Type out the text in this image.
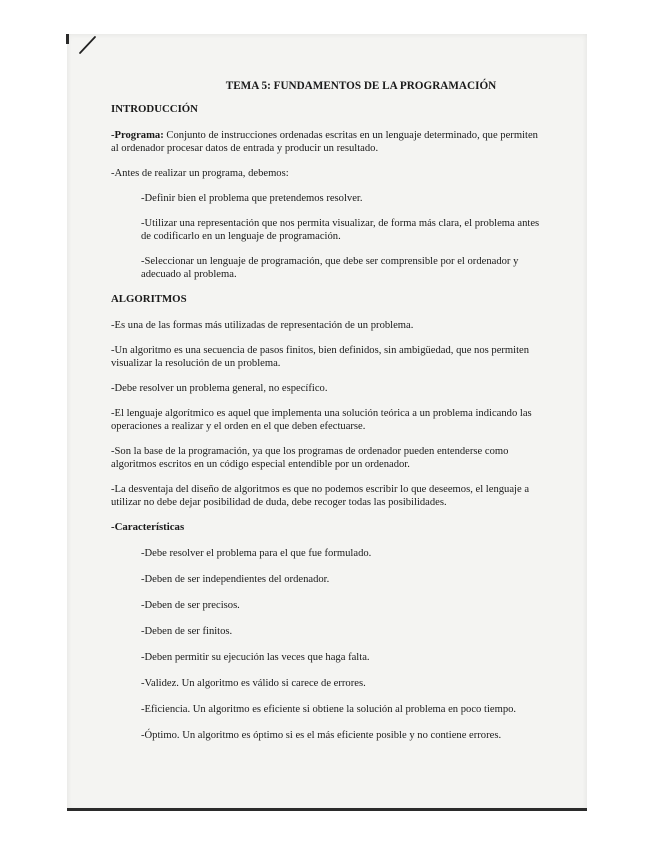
TEMA 5: FUNDAMENTOS DE LA PROGRAMACIÓN
INTRODUCCIÓN

-Programa: Conjunto de instrucciones ordenadas escritas en un lenguaje determinado, que permiten al ordenador procesar datos de entrada y producir un resultado.

-Antes de realizar un programa, debemos:

-Definir bien el problema que pretendemos resolver.

-Utilizar una representación que nos permita visualizar, de forma más clara, el problema antes de codificarlo en un lenguaje de programación.

-Seleccionar un lenguaje de programación, que debe ser comprensible por el ordenador y adecuado al problema.

ALGORITMOS

-Es una de las formas más utilizadas de representación de un problema.

-Un algoritmo es una secuencia de pasos finitos, bien definidos, sin ambigüedad, que nos permiten visualizar la resolución de un problema.

-Debe resolver un problema general, no específico.

-El lenguaje algorítmico es aquel que implementa una solución teórica a un problema indicando las operaciones a realizar y el orden en el que deben efectuarse.

-Son la base de la programación, ya que los programas de ordenador pueden entenderse como algoritmos escritos en un código especial entendible por un ordenador.

-La desventaja del diseño de algoritmos es que no podemos escribir lo que deseemos, el lenguaje a utilizar no debe dejar posibilidad de duda, debe recoger todas las posibilidades.

-Características
-Debe resolver el problema para el que fue formulado.
-Deben de ser independientes del ordenador.
-Deben de ser precisos.
-Deben de ser finitos.
-Deben permitir su ejecución las veces que haga falta.
-Validez. Un algoritmo es válido si carece de errores.
-Eficiencia. Un algoritmo es eficiente si obtiene la solución al problema en poco tiempo.
-Óptimo. Un algoritmo es óptimo si es el más eficiente posible y no contiene errores.
